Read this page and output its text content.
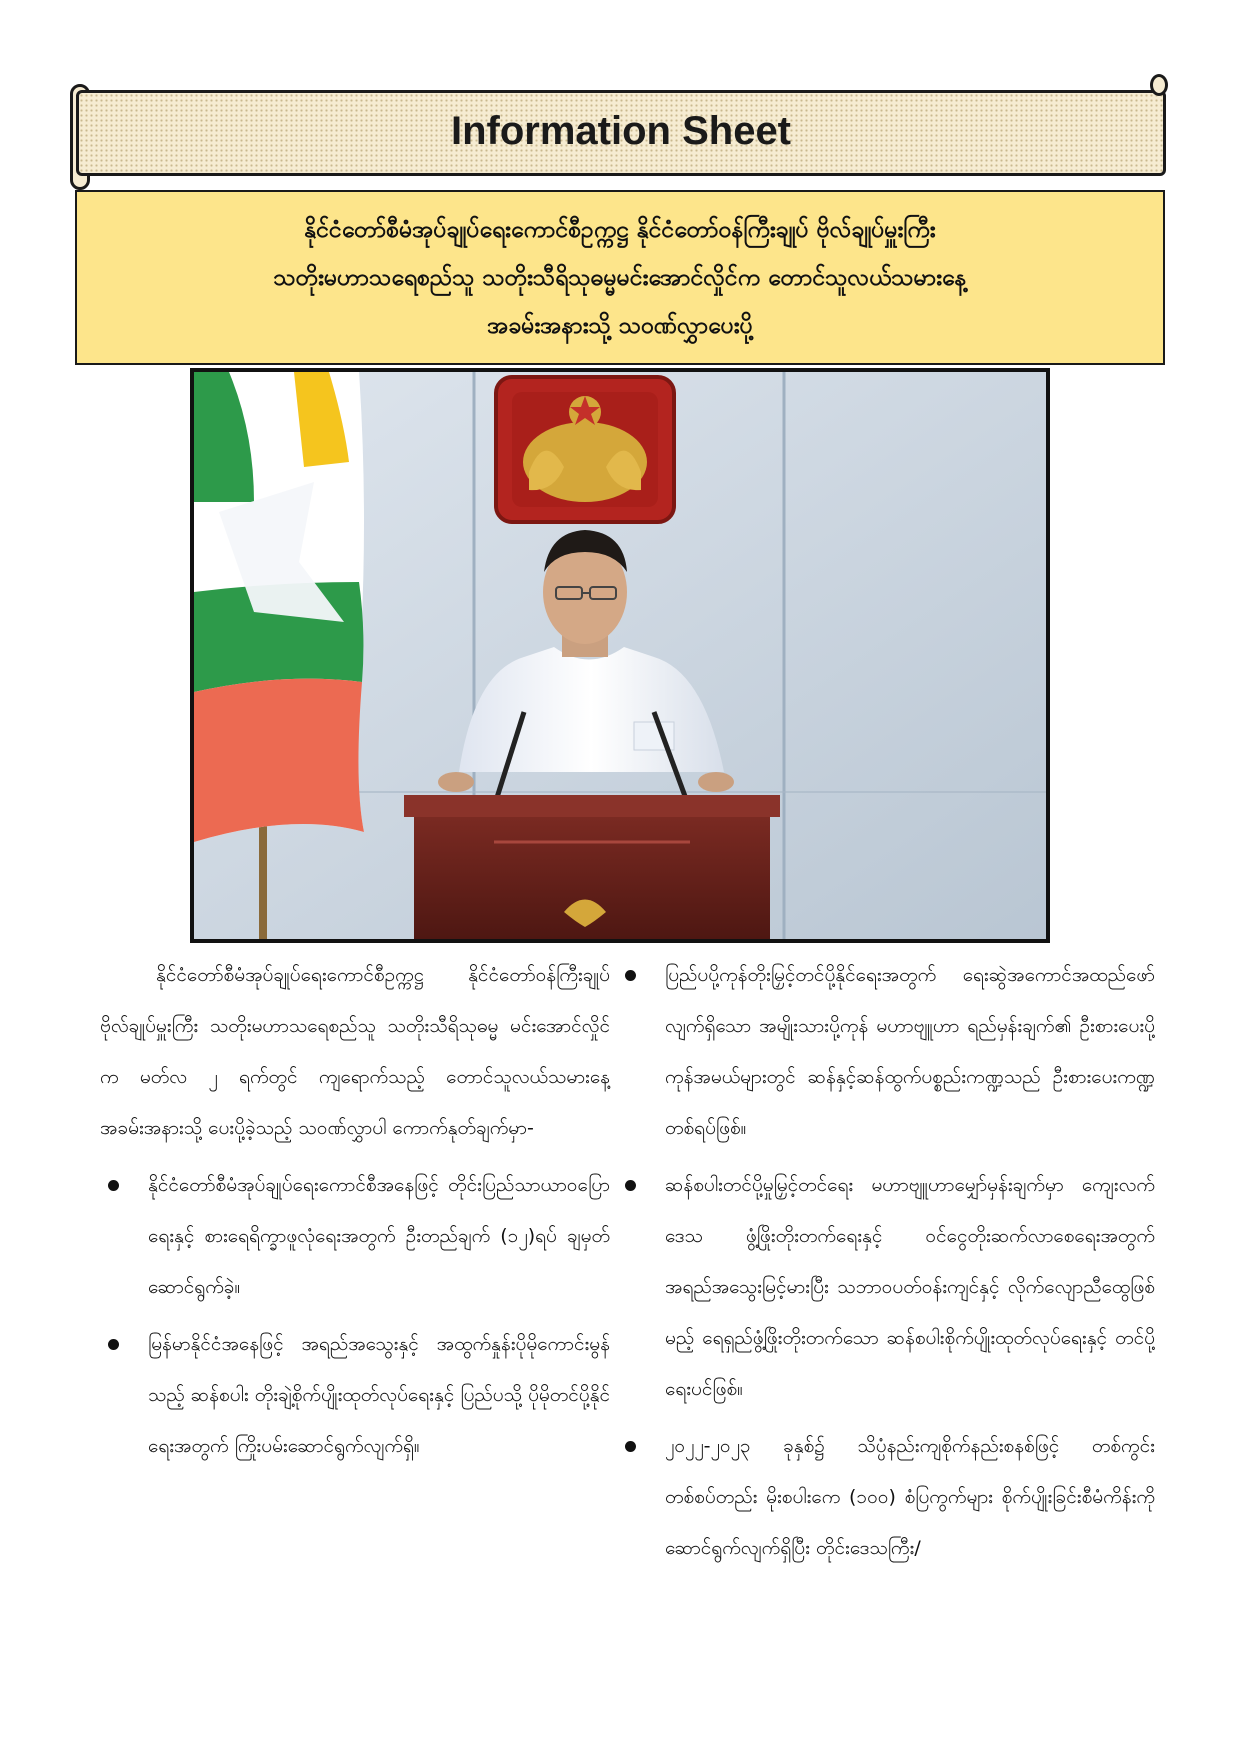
Information Sheet
နိုင်ငံတော်စီမံအုပ်ချုပ်ရေးကောင်စီဥက္ကဋ္ဌ နိုင်ငံတော်ဝန်ကြီးချုပ် ဗိုလ်ချုပ်မှူးကြီး
သတိုးမဟာသရေစည်သူ သတိုးသီရိသုဓမ္မမင်းအောင်လှိုင်က တောင်သူလယ်သမားနေ့
အခမ်းအနားသို့ သဝဏ်လွှာပေးပို့

နိုင်ငံတော်စီမံအုပ်ချုပ်ရေးကောင်စီဥက္ကဋ္ဌ နိုင်ငံတော်ဝန်ကြီးချုပ် ဗိုလ်ချုပ်မှူးကြီး သတိုးမဟာသရေစည်သူ သတိုးသီရိသုဓမ္မ မင်းအောင်လှိုင်က မတ်လ ၂ ရက်တွင် ကျရောက်သည့် တောင်သူလယ်သမားနေ့အခမ်းအနားသို့ ပေးပို့ခဲ့သည့် သဝဏ်လွှာပါ ကောက်နုတ်ချက်မှာ-

နိုင်ငံတော်စီမံအုပ်ချုပ်ရေးကောင်စီအနေဖြင့် တိုင်းပြည်သာယာဝပြောရေးနှင့် စားရေရိက္ခာဖူလုံရေးအတွက် ဦးတည်ချက် (၁၂)ရပ် ချမှတ်ဆောင်ရွက်ခဲ့။

မြန်မာနိုင်ငံအနေဖြင့် အရည်အသွေးနှင့် အထွက်နှုန်းပိုမိုကောင်းမွန်သည့် ဆန်စပါး တိုးချဲ့စိုက်ပျိုးထုတ်လုပ်ရေးနှင့် ပြည်ပသို့ ပိုမိုတင်ပို့နိုင်ရေးအတွက် ကြိုးပမ်းဆောင်ရွက်လျက်ရှိ။

ပြည်ပပို့ကုန်တိုးမြှင့်တင်ပို့နိုင်ရေးအတွက် ရေးဆွဲအကောင်အထည်ဖော်လျက်ရှိသော အမျိုးသားပို့ကုန် မဟာဗျူဟာ ရည်မှန်းချက်၏ ဦးစားပေးပို့ကုန်အမယ်များတွင် ဆန်နှင့်ဆန်ထွက်ပစ္စည်းကဏ္ဍသည် ဦးစားပေးကဏ္ဍတစ်ရပ်ဖြစ်။

ဆန်စပါးတင်ပို့မှုမြှင့်တင်ရေး မဟာဗျူဟာမျှော်မှန်းချက်မှာ ကျေးလက်ဒေသ ဖွံ့ဖြိုးတိုးတက်ရေးနှင့် ဝင်ငွေတိုးဆက်လာစေရေးအတွက် အရည်အသွေးမြင့်မားပြီး သဘာဝပတ်ဝန်းကျင်နှင့် လိုက်လျောညီထွေဖြစ်မည့် ရေရှည်ဖွံ့ဖြိုးတိုးတက်သော ဆန်စပါးစိုက်ပျိုးထုတ်လုပ်ရေးနှင့် တင်ပို့ရေးပင်ဖြစ်။

၂၀၂၂-၂၀၂၃ ခုနှစ်၌ သိပ္ပံနည်းကျစိုက်နည်းစနစ်ဖြင့် တစ်ကွင်းတစ်စပ်တည်း မိုးစပါးကေ (၁၀၀) စံပြကွက်များ စိုက်ပျိုးခြင်းစီမံကိန်းကို ဆောင်ရွက်လျက်ရှိပြီး တိုင်းဒေသကြီး/
